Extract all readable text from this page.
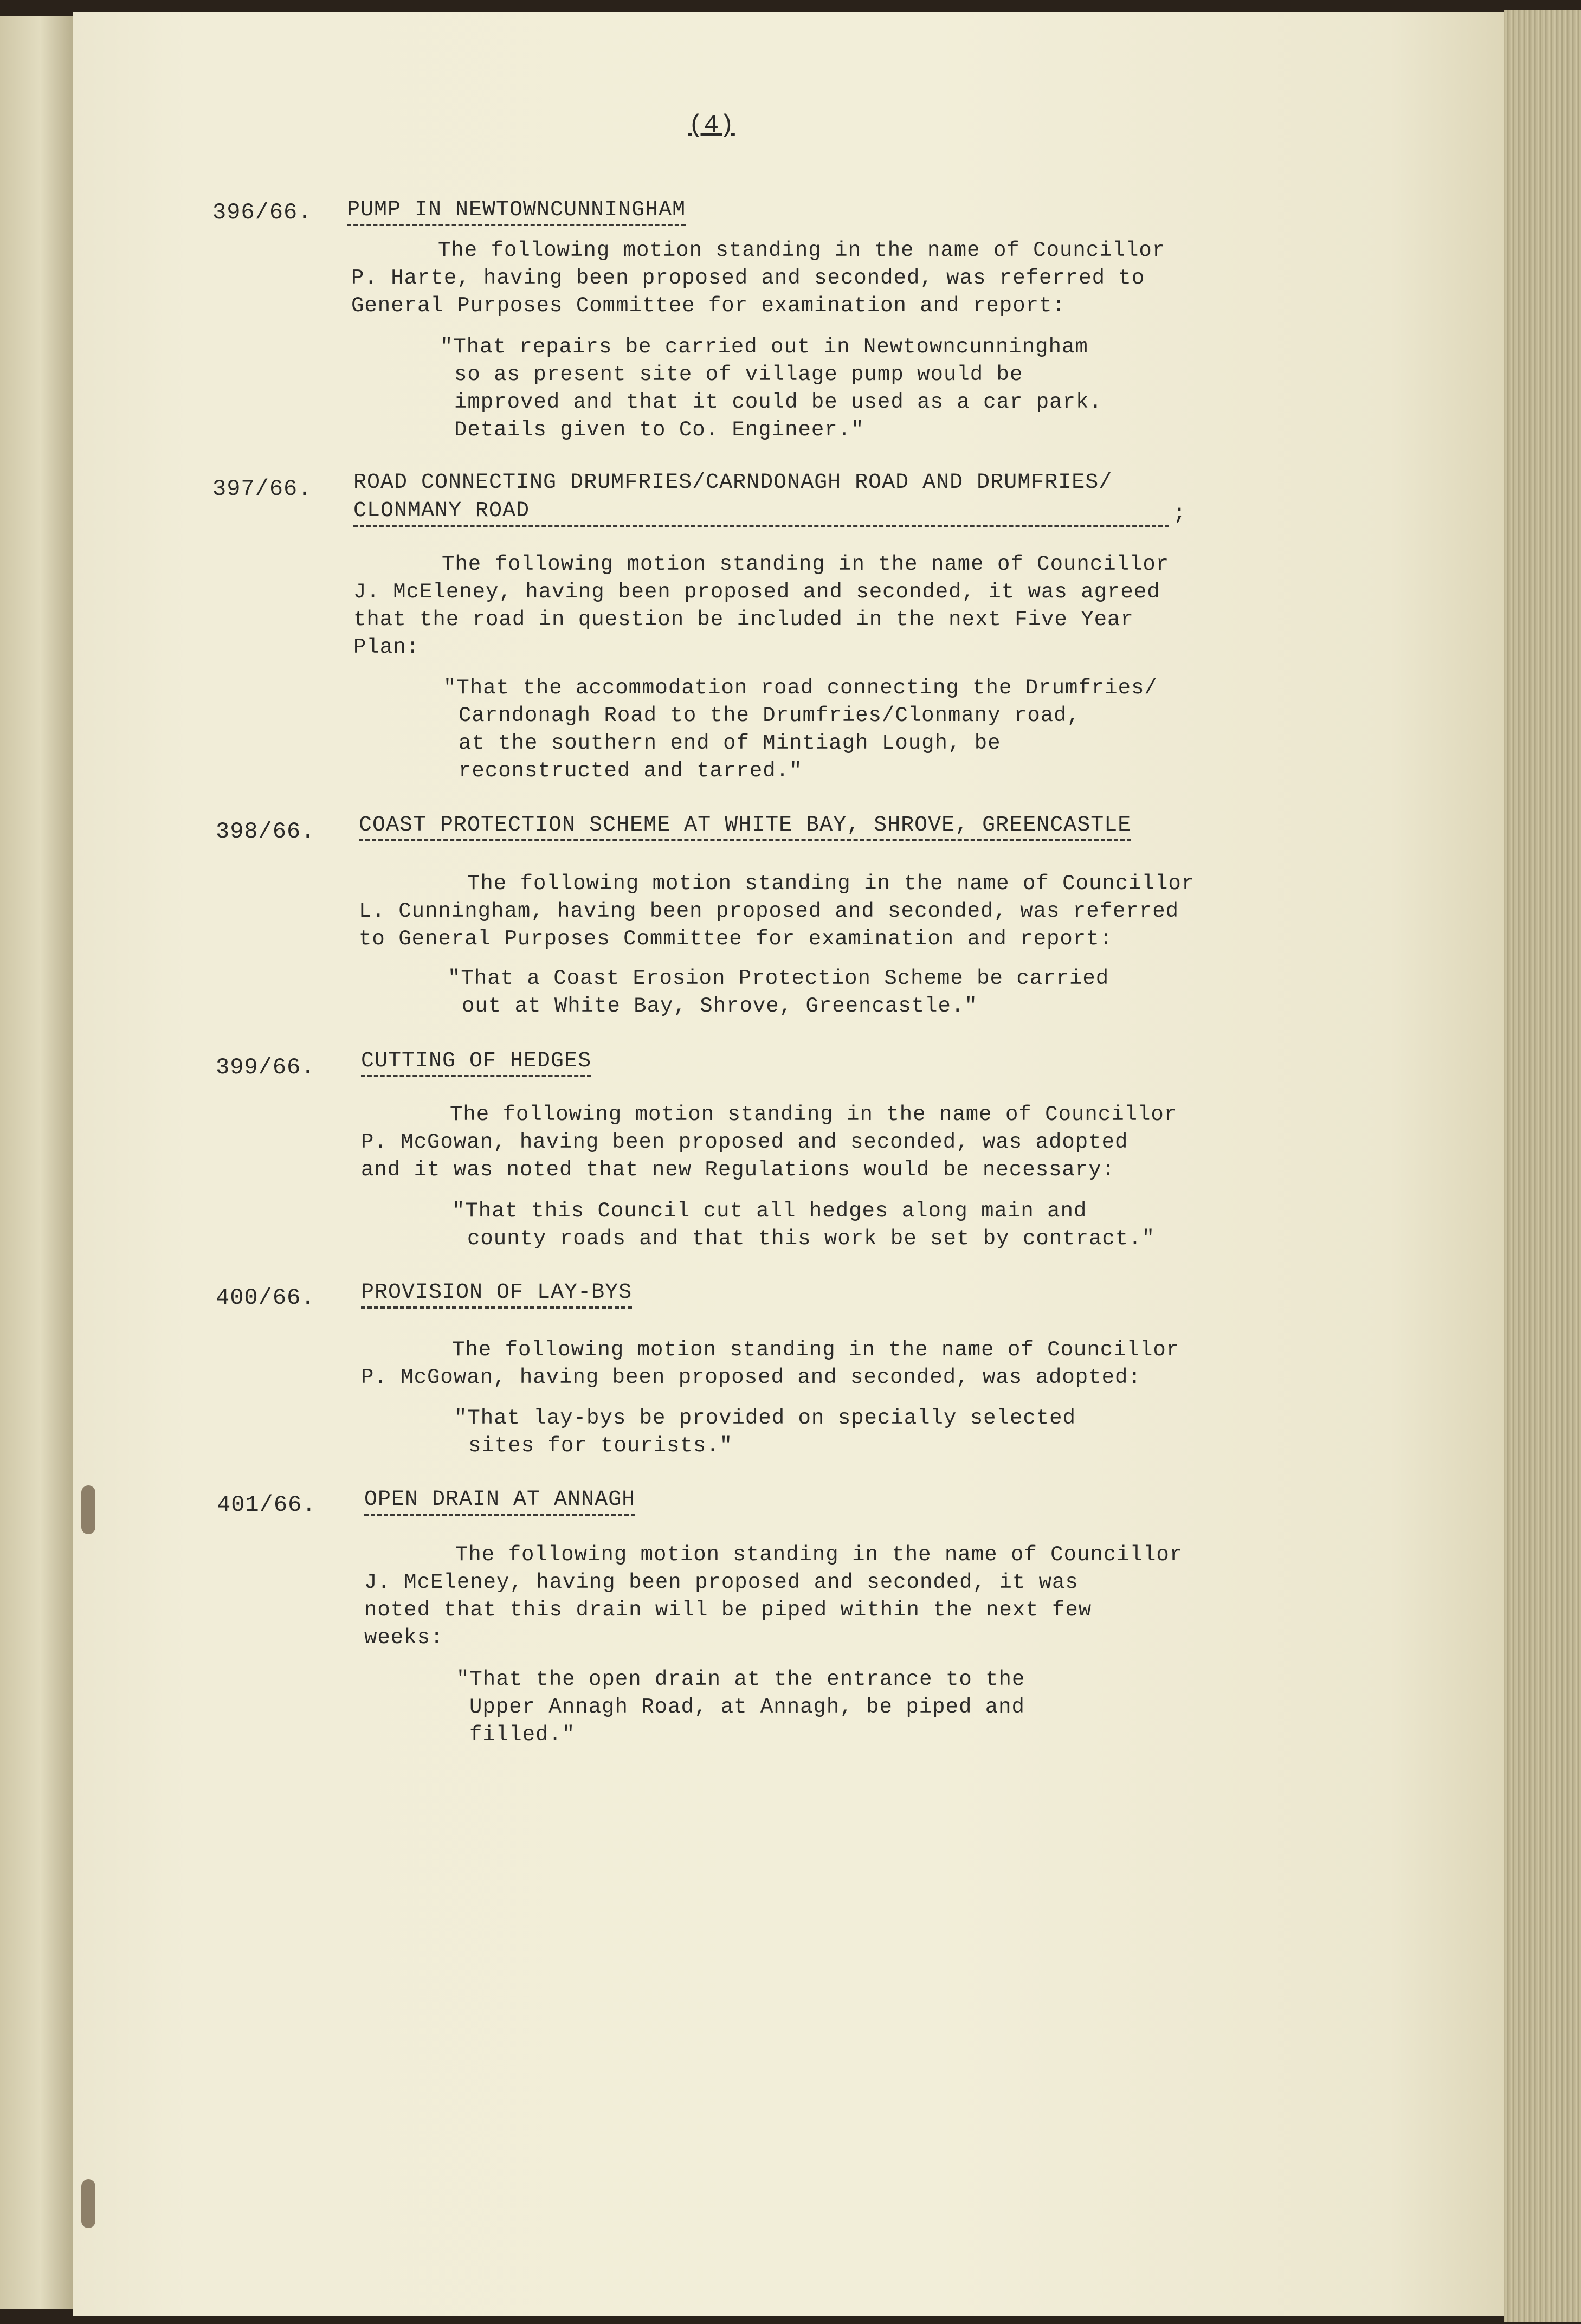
(4)
396/66. PUMP IN NEWTOWNCUNNINGHAM
The following motion standing in the name of Councillor
P. Harte, having been proposed and seconded, was referred to
General Purposes Committee for examination and report:
"That repairs be carried out in Newtowncunningham
so as present site of village pump would be
improved and that it could be used as a car park.
Details given to Co. Engineer."
397/66. ROAD CONNECTING DRUMFRIES/CARNDONAGH ROAD AND DRUMFRIES/
CLONMANY ROAD	;
The following motion standing in the name of Councillor
J. McEleney, having been proposed and seconded, it was agreed
that the road in question be included in the next Five Year
Plan:
"That the accommodation road connecting the Drumfries/
Carndonagh Road to the Drumfries/Clonmany road,
at the southern end of Mintiagh Lough, be
reconstructed and tarred."
398/66. COAST PROTECTION SCHEME AT WHITE BAY, SHROVE, GREENCASTLE
The following motion standing in the name of Councillor
L. Cunningham, having been proposed and seconded, was referred
to General Purposes Committee for examination and report:
"That a Coast Erosion Protection Scheme be carried
out at White Bay, Shrove, Greencastle."
399/66. CUTTING OF HEDGES
The following motion standing in the name of Councillor
P. McGowan, having been proposed and seconded, was adopted
and it was noted that new Regulations would be necessary:
"That this Council cut all hedges along main and
county roads and that this work be set by contract."
400/66. PROVISION OF LAY-BYS
The following motion standing in the name of Councillor
P. McGowan, having been proposed and seconded, was adopted:
"That lay-bys be provided on specially selected
sites for tourists."
401/66. OPEN DRAIN AT ANNAGH
The following motion standing in the name of Councillor
J. McEleney, having been proposed and seconded, it was
noted that this drain will be piped within the next few
weeks:
"That the open drain at the entrance to the
Upper Annagh Road, at Annagh, be piped and
filled."
